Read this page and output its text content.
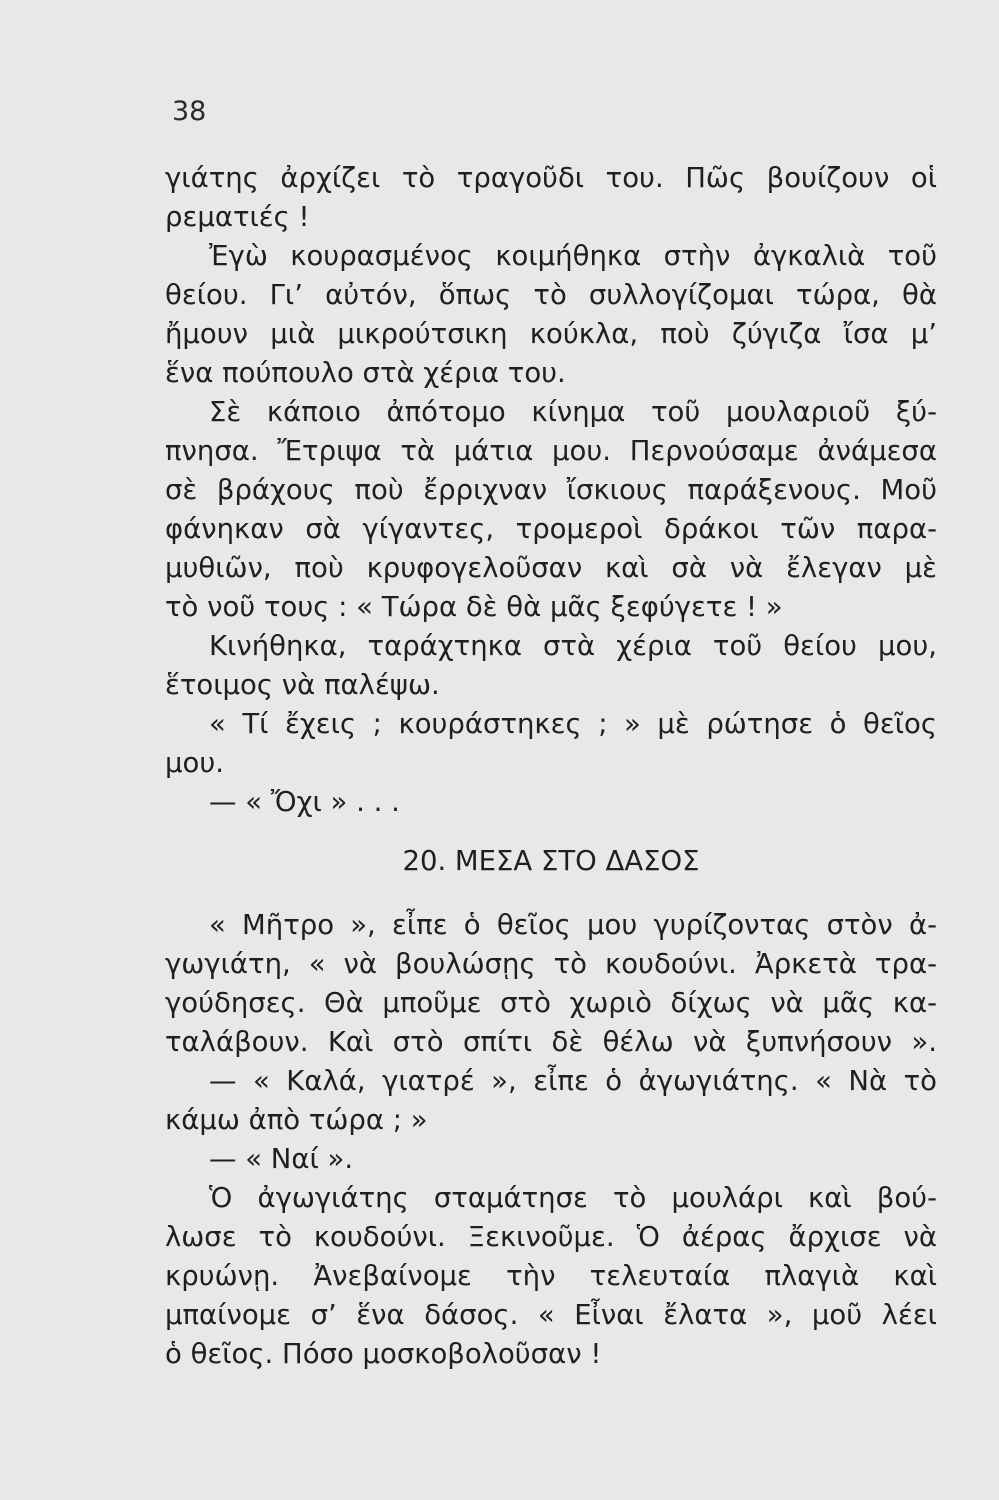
38
γιάτης ἀρχίζει τὸ τραγοῦδι του. Πῶς βουίζουν οἱ
ρεματιές !
Ἐγὼ κουρασμένος κοιμήθηκα στὴν ἀγκαλιὰ τοῦ
θείου. Γι’ αὐτόν, ὅπως τὸ συλλογίζομαι τώρα, θὰ
ἤμουν μιὰ μικρούτσικη κούκλα, ποὺ ζύγιζα ἴσα μ’
ἕνα πούπουλο στὰ χέρια του.
Σὲ κάποιο ἀπότομο κίνημα τοῦ μουλαριοῦ ξύ-
πνησα. Ἔτριψα τὰ μάτια μου. Περνούσαμε ἀνάμεσα
σὲ βράχους ποὺ ἔρριχναν ἴσκιους παράξενους. Μοῦ
φάνηκαν σὰ γίγαντες, τρομεροὶ δράκοι τῶν παρα-
μυθιῶν, ποὺ κρυφογελοῦσαν καὶ σὰ νὰ ἔλεγαν μὲ
τὸ νοῦ τους : « Τώρα δὲ θὰ μᾶς ξεφύγετε ! »
Κινήθηκα, ταράχτηκα στὰ χέρια τοῦ θείου μου,
ἕτοιμος νὰ παλέψω.
« Τί ἔχεις ; κουράστηκες ; » μὲ ρώτησε ὁ θεῖος
μου.
— « Ὄχι » . . .
20. ΜΕΣΑ ΣΤΟ ΔΑΣΟΣ
« Μῆτρο », εἶπε ὁ θεῖος μου γυρίζοντας στὸν ἀ-
γωγιάτη, « νὰ βουλώσῃς τὸ κουδούνι. Ἀρκετὰ τρα-
γούδησες. Θὰ μποῦμε στὸ χωριὸ δίχως νὰ μᾶς κα-
ταλάβουν. Καὶ στὸ σπίτι δὲ θέλω νὰ ξυπνήσουν ».
— « Καλά, γιατρέ », εἶπε ὁ ἀγωγιάτης. « Νὰ τὸ
κάμω ἀπὸ τώρα ; »
— « Ναί ».
Ὁ ἀγωγιάτης σταμάτησε τὸ μουλάρι καὶ βού-
λωσε τὸ κουδούνι. Ξεκινοῦμε. Ὁ ἀέρας ἄρχισε νὰ
κρυώνῃ. Ἀνεβαίνομε τὴν τελευταία πλαγιὰ καὶ
μπαίνομε σ’ ἕνα δάσος. « Εἶναι ἔλατα », μοῦ λέει
ὁ θεῖος. Πόσο μοσκοβολοῦσαν !
